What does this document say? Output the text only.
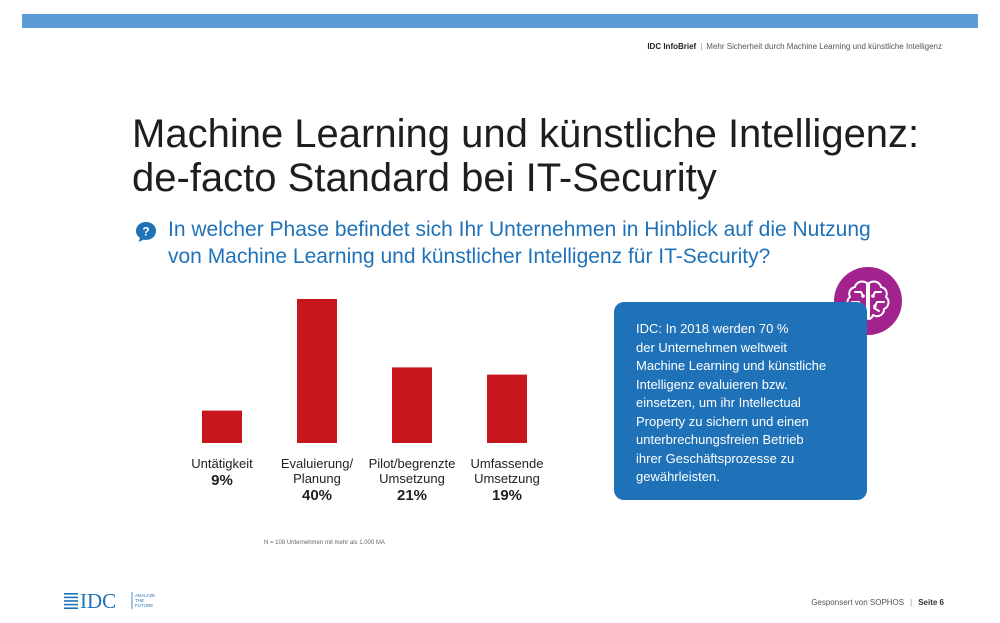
IDC InfoBrief | Mehr Sicherheit durch Machine Learning und künstliche Intelligenz
Machine Learning und künstliche Intelligenz:
de-facto Standard bei IT-Security
? In welcher Phase befindet sich Ihr Unternehmen in Hinblick auf die Nutzung
von Machine Learning und künstlicher Intelligenz für IT-Security?

Untätigkeit
9%
Evaluierung/
Planung
40%
Pilot/begrenzte
Umsetzung
21%
Umfassende
Umsetzung
19%
IDC: In 2018 werden 70 %
der Unternehmen weltweit
Machine Learning und künstliche
Intelligenz evaluieren bzw.
einsetzen, um ihr Intellectual
Property zu sichern und einen
unterbrechungsfreien Betrieb
ihrer Geschäftsprozesse zu
gewährleisten.
N = 108 Unternehmen mit mehr als 1.000 MA
IDC	ANALYZE
THE
FUTURE	Gesponsert von SOPHOS | Seite 6
